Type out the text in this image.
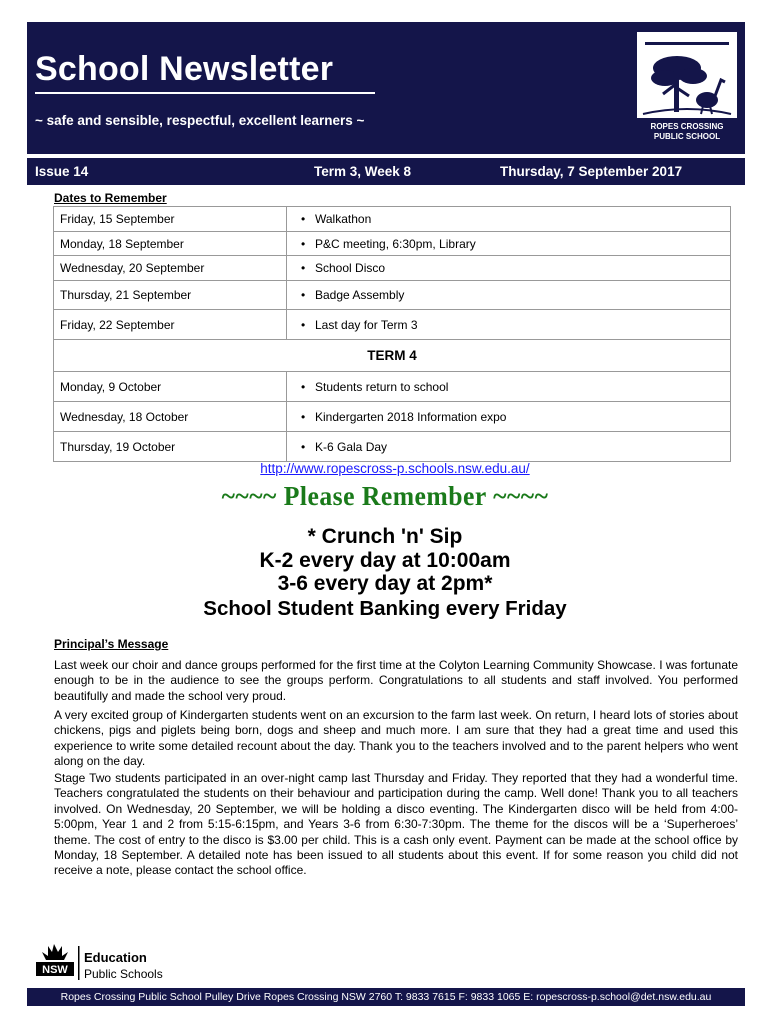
School Newsletter
~ safe and sensible, respectful, excellent learners ~	ROPES CROSSING
PUBLIC SCHOOL
Issue 14	Term 3, Week 8	Thursday, 7 September 2017
Dates to Remember
Friday, 15 September	•Walkathon
Monday, 18 September	•P&C meeting, 6:30pm, Library
Wednesday, 20 September	•School Disco
Thursday, 21 September	•Badge Assembly
Friday, 22 September	•Last day for Term 3
TERM 4	
Monday, 9 October	•Students return to school
Wednesday, 18 October	•Kindergarten 2018 Information expo
Thursday, 19 October	•K-6 Gala Day
http://www.ropescross-p.schools.nsw.edu.au/
~~~~ Please Remember ~~~~
* Crunch 'n' Sip
K-2 every day at 10:00am
3-6 every day at 2pm*
School Student Banking every Friday
Principal’s Message
Last week our choir and dance groups performed for the first time at the Colyton Learning Community Showcase. I was fortunate enough to be in the audience to see the groups perform. Congratulations to all students and staff involved. You performed beautifully and made the school very proud.
A very excited group of Kindergarten students went on an excursion to the farm last week. On return, I heard lots of stories about chickens, pigs and piglets being born, dogs and sheep and much more. I am sure that they had a great time and used this experience to write some detailed recount about the day. Thank you to the teachers involved and to the parent helpers who went along on the day.
Stage Two students participated in an over-night camp last Thursday and Friday. They reported that they had a wonderful time. Teachers congratulated the students on their behaviour and participation during the camp. Well done! Thank you to all teachers involved. On Wednesday, 20 September, we will be holding a disco eventing. The Kindergarten disco will be held from 4:00-5:00pm, Year 1 and 2 from 5:15-6:15pm, and Years 3-6 from 6:30-7:30pm. The theme for the discos will be a ‘Superheroes’ theme. The cost of entry to the disco is $3.00 per child. This is a cash only event. Payment can be made at the school office by Monday, 18 September. A detailed note has been issued to all students about this event. If for some reason you child did not receive a note, please contact the school office.
NSW
Education
Public Schools
Ropes Crossing Public School Pulley Drive Ropes Crossing NSW 2760 T: 9833 7615 F: 9833 1065 E: ropescross-p.school@det.nsw.edu.au
